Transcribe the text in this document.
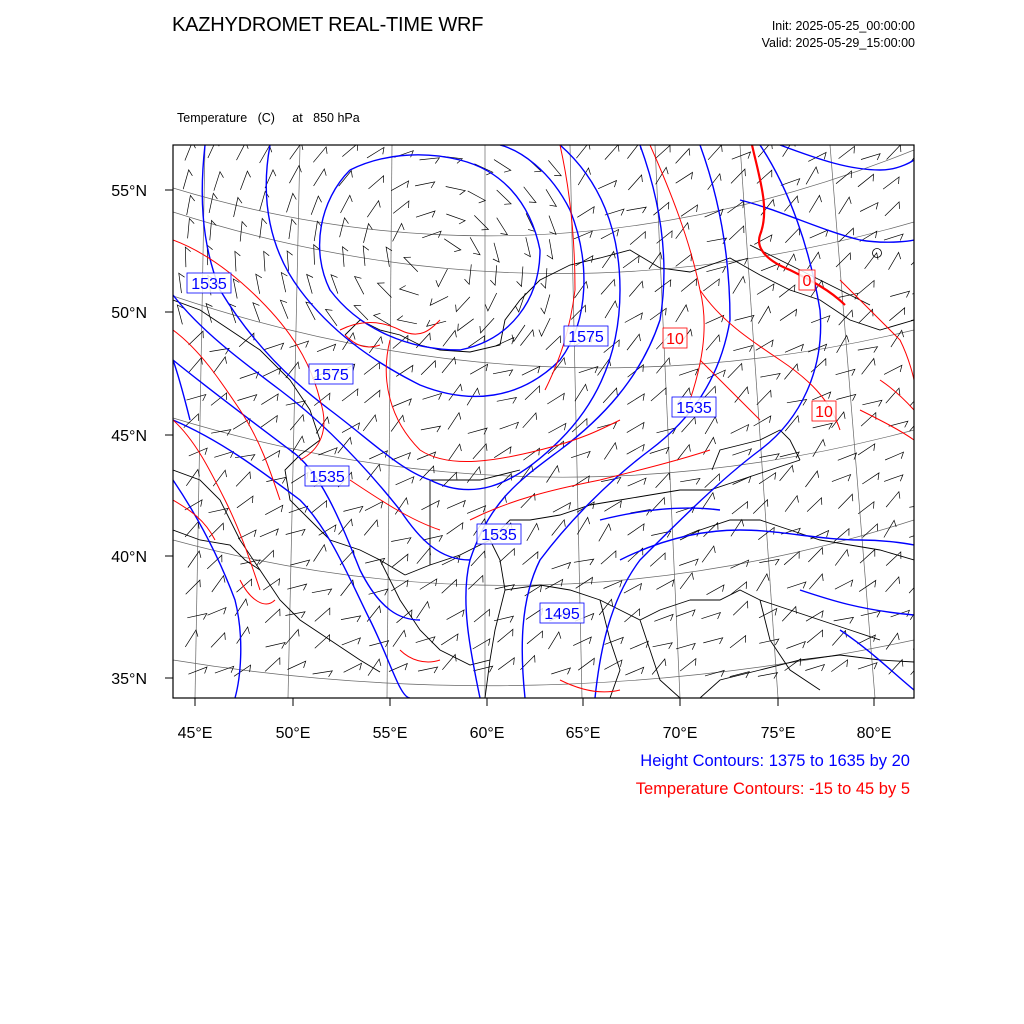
KAZHYDROMET REAL-TIME WRF	Init: 2025-05-25_00:00:00
Valid: 2025-05-29_15:00:00

Temperature   (C)     at   850 hPa

55°N
50°N
45°N
40°N
35°N
45°E	50°E	55°E	60°E	65°E	70°E	75°E	80°E
1535
1575
1575
1535
1535
1535
1495
10
10
0
Height Contours: 1375 to 1635 by 20
Temperature Contours: -15 to 45 by 5
